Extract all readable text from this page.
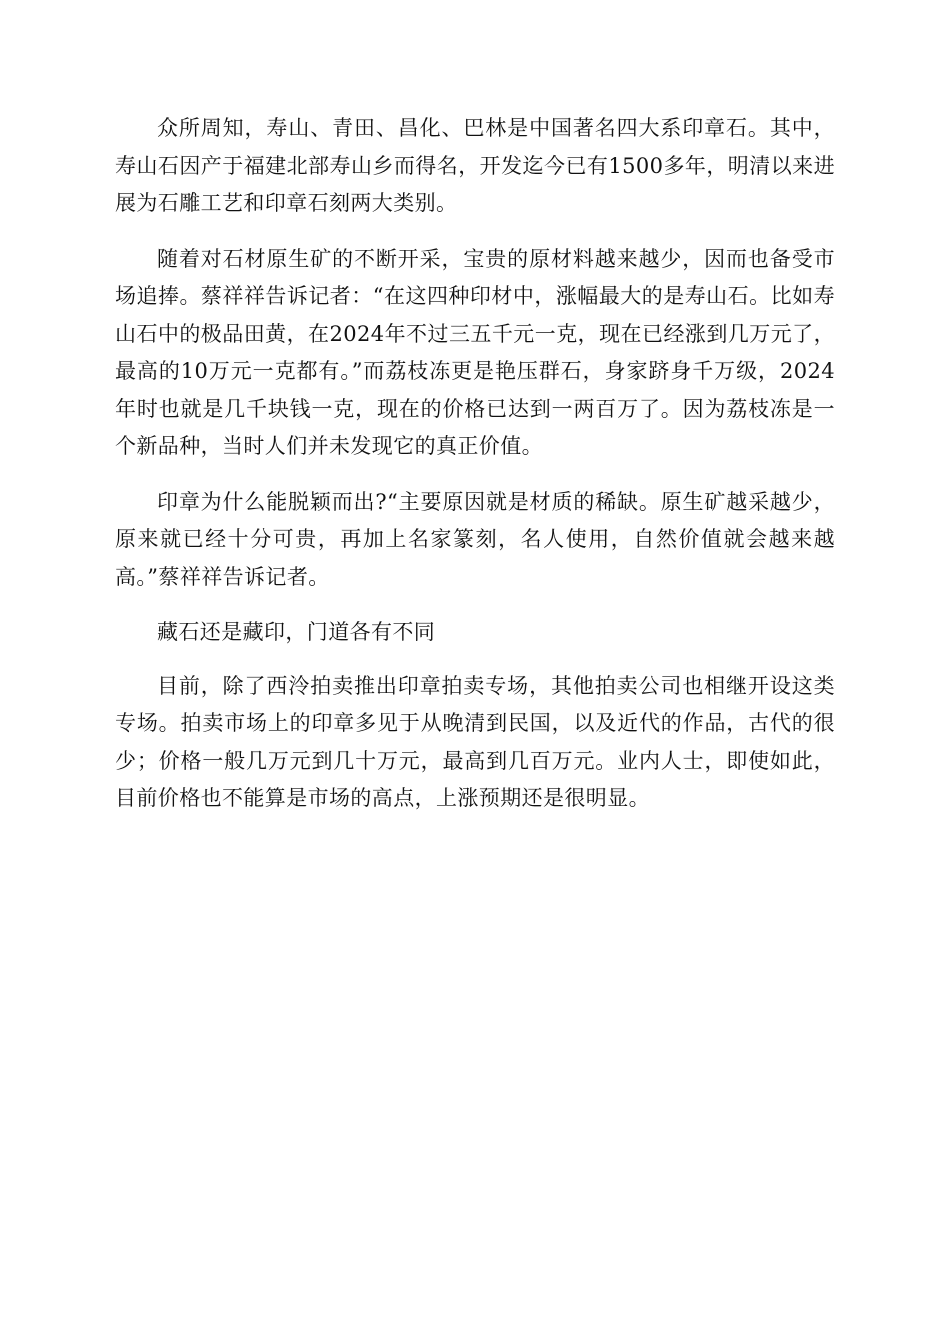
众所周知，寿山、青田、昌化、巴林是中国著名四大系印章石。其中，寿山石因产于福建北部寿山乡而得名，开发迄今已有1500多年，明清以来进展为石雕工艺和印章石刻两大类别。

随着对石材原生矿的不断开采，宝贵的原材料越来越少，因而也备受市场追捧。蔡祥祥告诉记者：“在这四种印材中，涨幅最大的是寿山石。比如寿山石中的极品田黄，在2024年不过三五千元一克，现在已经涨到几万元了，最高的10万元一克都有。”而荔枝冻更是艳压群石，身家跻身千万级，2024年时也就是几千块钱一克，现在的价格已达到一两百万了。因为荔枝冻是一个新品种，当时人们并未发现它的真正价值。

印章为什么能脱颖而出?“主要原因就是材质的稀缺。原生矿越采越少，原来就已经十分可贵，再加上名家篆刻，名人使用，自然价值就会越来越高。”蔡祥祥告诉记者。

藏石还是藏印，门道各有不同

目前，除了西泠拍卖推出印章拍卖专场，其他拍卖公司也相继开设这类专场。拍卖市场上的印章多见于从晚清到民国，以及近代的作品，古代的很少；价格一般几万元到几十万元，最高到几百万元。业内人士，即使如此，目前价格也不能算是市场的高点，上涨预期还是很明显。
